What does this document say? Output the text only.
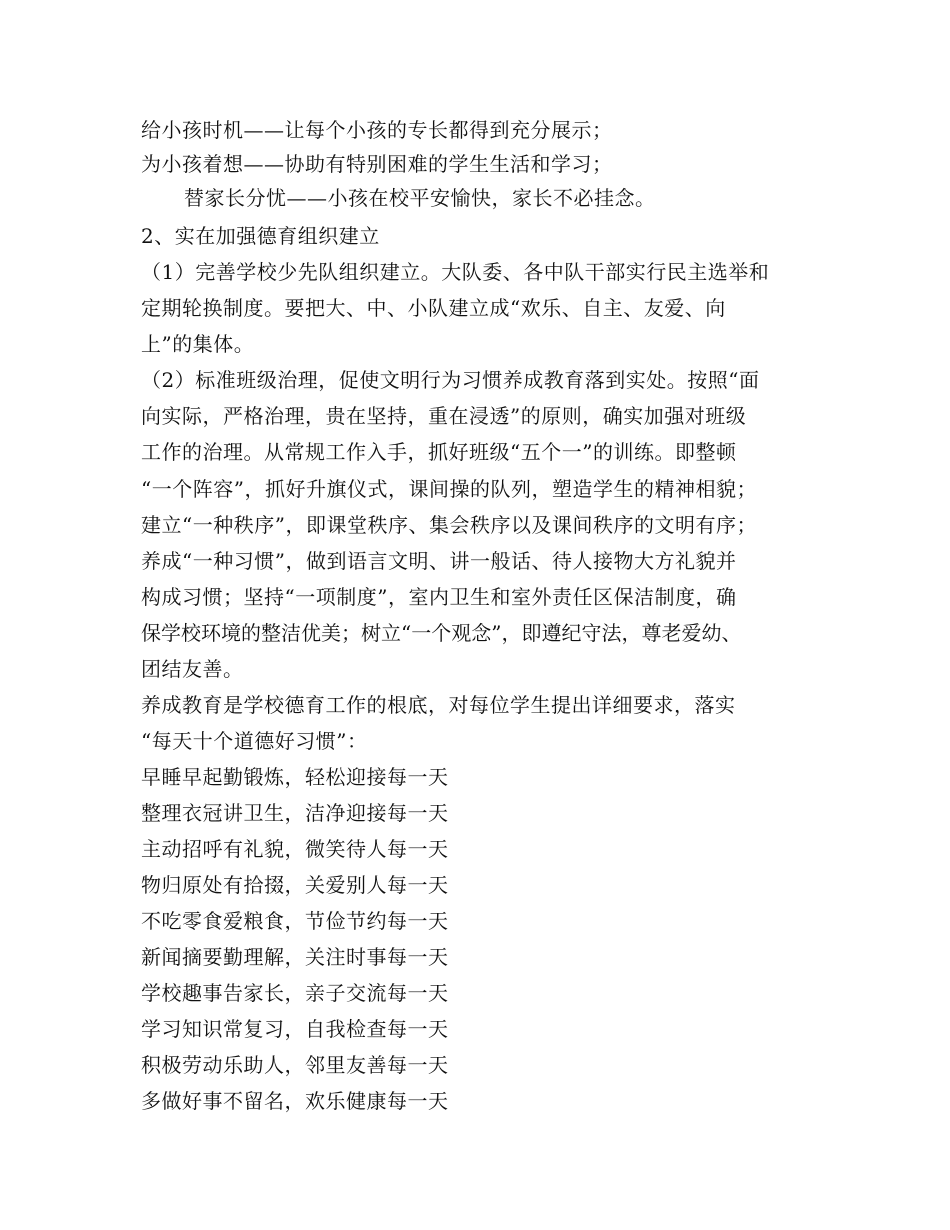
给小孩时机——让每个小孩的专长都得到充分展示；
为小孩着想——协助有特别困难的学生生活和学习；
替家长分忧——小孩在校平安愉快，家长不必挂念。
2、实在加强德育组织建立
（1）完善学校少先队组织建立。大队委、各中队干部实行民主选举和
定期轮换制度。要把大、中、小队建立成“欢乐、自主、友爱、向
上”的集体。
（2）标准班级治理，促使文明行为习惯养成教育落到实处。按照“面
向实际，严格治理，贵在坚持，重在浸透”的原则，确实加强对班级
工作的治理。从常规工作入手，抓好班级“五个一”的训练。即整顿
“一个阵容”，抓好升旗仪式，课间操的队列，塑造学生的精神相貌；
建立“一种秩序”，即课堂秩序、集会秩序以及课间秩序的文明有序；
养成“一种习惯”，做到语言文明、讲一般话、待人接物大方礼貌并
构成习惯；坚持“一项制度”，室内卫生和室外责任区保洁制度，确
保学校环境的整洁优美；树立“一个观念”，即遵纪守法，尊老爱幼、
团结友善。
养成教育是学校德育工作的根底，对每位学生提出详细要求，落实
“每天十个道德好习惯”：
早睡早起勤锻炼，轻松迎接每一天
整理衣冠讲卫生，洁净迎接每一天
主动招呼有礼貌，微笑待人每一天
物归原处有拾掇，关爱别人每一天
不吃零食爱粮食，节俭节约每一天
新闻摘要勤理解，关注时事每一天
学校趣事告家长，亲子交流每一天
学习知识常复习，自我检查每一天
积极劳动乐助人，邻里友善每一天
多做好事不留名，欢乐健康每一天
